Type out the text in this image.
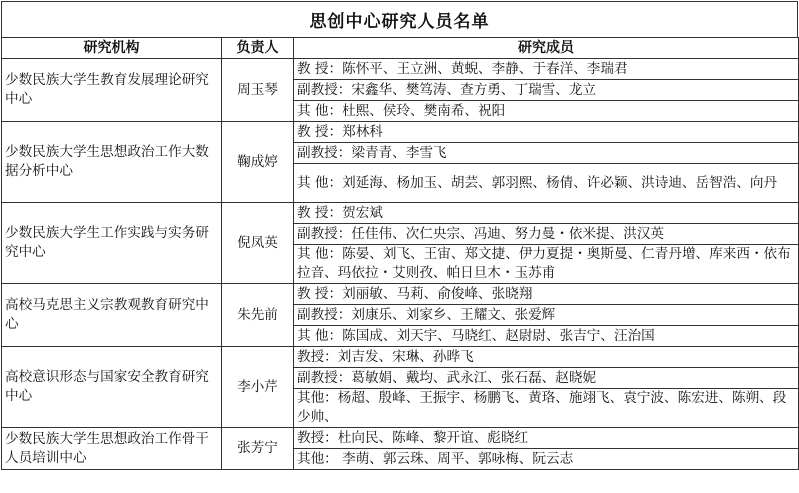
思创中心研究人员名单
研究机构	负责人	研究成员
少数民族大学生教育发展理论研究中心	周玉琴	教 授：陈怀平、王立洲、黄蜺、李静、于春洋、李瑞君
		副教授：宋鑫华、樊笃涛、查方勇、丁瑞雪、龙立
		其 他：杜熙、侯玲、樊南希、祝阳
少数民族大学生思想政治工作大数据分析中心	鞠成婷	教 授：郑林科
		副教授：梁青青、李雪飞
		其 他：刘延海、杨加玉、胡芸、郭羽熙、杨倩、许必颖、洪诗迪、岳智浩、向丹
少数民族大学生工作实践与实务研究中心	倪凤英	教 授：贺宏斌
		副教授：任佳伟、次仁央宗、冯迪、努力曼・依米提、洪汉英
		其 他：陈晏、刘飞、王宙、郑文捷、伊力夏提・奥斯曼、仁青丹增、库来西・依布拉音、玛依拉・艾则孜、帕日旦木・玉苏甫
高校马克思主义宗教观教育研究中心	朱先前	教 授：刘丽敏、马莉、俞俊峰、张晓翔
		副教授：刘康乐、刘家乡、王耀文、张爱辉
		其 他：陈国成、刘天宇、马晓红、赵尉尉、张吉宁、汪治国
高校意识形态与国家安全教育研究中心	李小芹	教授：刘吉发、宋琳、孙晔飞
		副教授：葛敏娟、戴均、武永江、张石磊、赵晓妮
		其他：杨超、殷峰、王振宇、杨鹏飞、黄珞、施翊飞、袁宁波、陈宏进、陈朔、段少帅、
少数民族大学生思想政治工作骨干人员培训中心	张芳宁	教授：杜向民、陈峰、黎开谊、彪晓红
		其他： 李萌、郭云珠、周平、郭咏梅、阮云志
